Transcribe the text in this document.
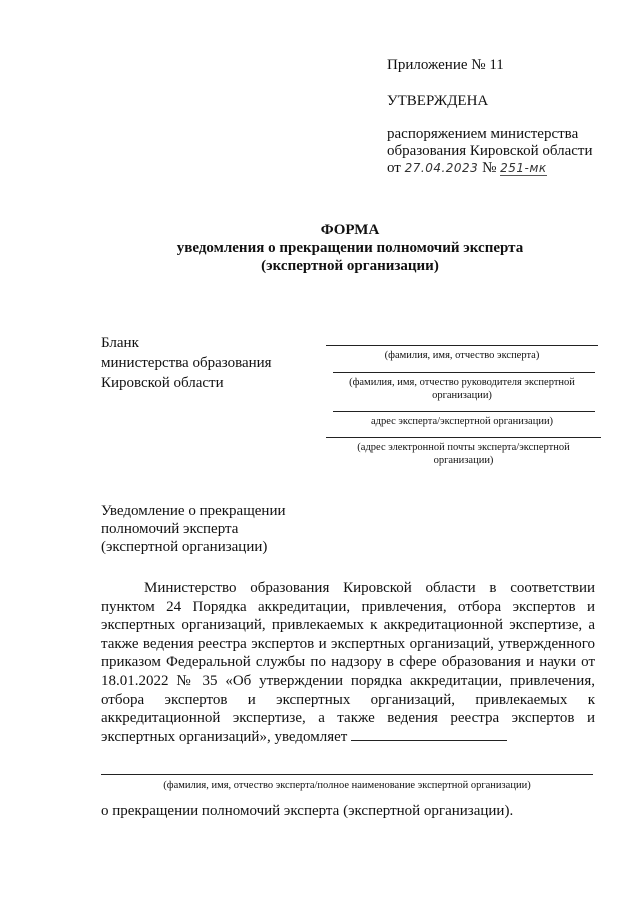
Приложение № 11
УТВЕРЖДЕНА
распоряжением министерства
образования Кировской области
от 27.04.2023 № 251-мк
ФОРМА
уведомления о прекращении полномочий эксперта
(экспертной организации)
Бланк
министерства образования
Кировской области
(фамилия, имя, отчество эксперта)
(фамилия, имя, отчество руководителя экспертной
организации)
адрес эксперта/экспертной организации)
(адрес электронной почты эксперта/экспертной
организации)
Уведомление о прекращении
полномочий эксперта
(экспертной организации)

Министерство образования Кировской области в соответствии пунктом 24 Порядка аккредитации, привлечения, отбора экспертов и экспертных организаций, привлекаемых к аккредитационной экспертизе, а также ведения реестра экспертов и экспертных организаций, утвержденного приказом Федеральной службы по надзору в сфере образования и науки от 18.01.2022 № 35 «Об утверждении порядка аккредитации, привлечения, отбора экспертов и экспертных организаций, привлекаемых к аккредитационной экспертизе, а также ведения реестра экспертов и экспертных организаций», уведомляет

(фамилия, имя, отчество эксперта/полное наименование экспертной организации)
о прекращении полномочий эксперта (экспертной организации).
